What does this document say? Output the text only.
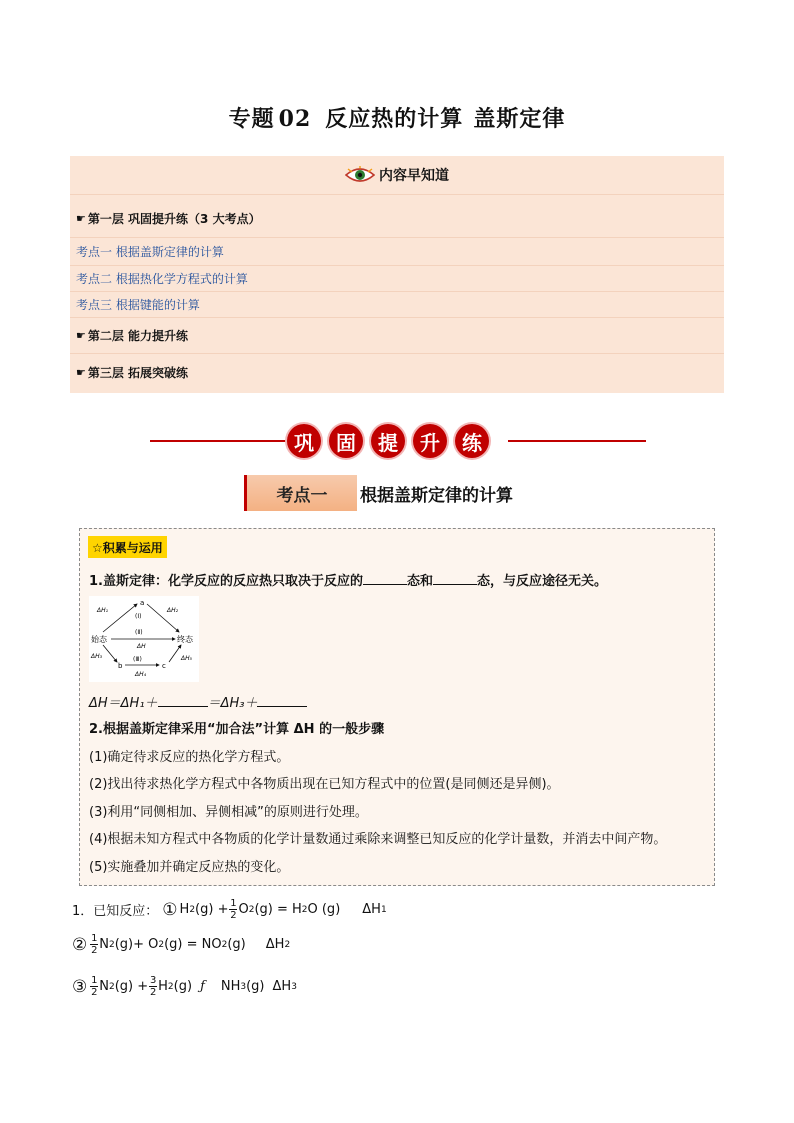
专题 02 反应热的计算 盖斯定律
内容早知道
☛ 第一层 巩固提升练（3 大考点）
考点一 根据盖斯定律的计算
考点二 根据热化学方程式的计算
考点三 根据键能的计算
☛ 第二层 能力提升练
☛ 第三层 拓展突破练
巩	固	提	升	练
考点一	根据盖斯定律的计算
☆积累与运用
1.盖斯定律：化学反应的反应热只取决于反应的	态和	态，与反应途径无关。
始态	终态
a
b	c
ΔH₁	ΔH₂
(Ⅰ)
(Ⅱ)
ΔH
ΔH₃	(Ⅲ)
ΔH₄
ΔH₅
ΔH＝ΔH₁＋	＝ΔH₃＋
2.根据盖斯定律采用“加合法”计算 ΔH 的一般步骤
(1)确定待求反应的热化学方程式。
(2)找出待求热化学方程式中各物质出现在已知方程式中的位置(是同侧还是异侧)。
(3)利用“同侧相加、异侧相减”的原则进行处理。
(4)根据未知方程式中各物质的化学计量数通过乘除来调整已知反应的化学计量数，并消去中间产物。
(5)实施叠加并确定反应热的变化。
1．已知反应： ① H 2 $(g) + \frac{1}{2}$ O 2 (g) = H 2 O (g) ΔH 1
② $\frac{1}{2}$ N 2 (g)+ O 2 (g) = NO 2 (g) ΔH 2
③ $\frac{1}{2}$ N 2 $(g) + \frac{3}{2}$ H 2 (g) ƒ NH 3 (g) ΔH 3
